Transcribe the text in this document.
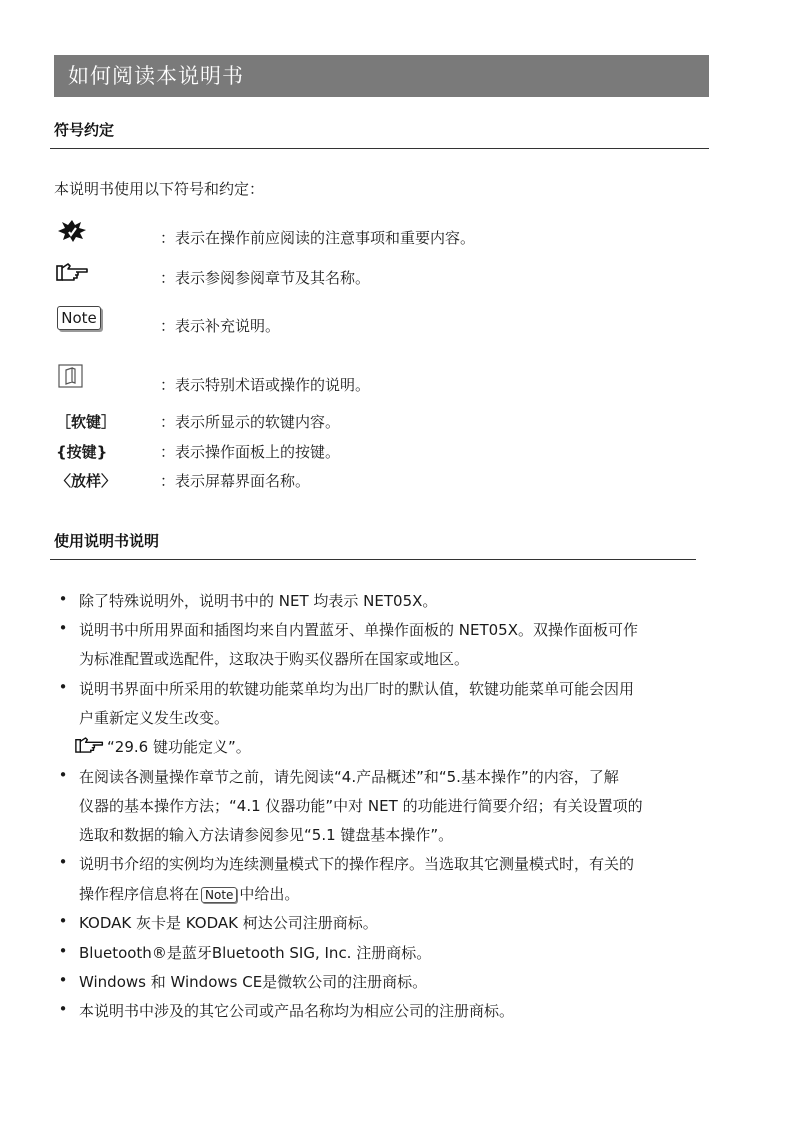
如何阅读本说明书
符号约定
本说明书使用以下符号和约定：
：表示在操作前应阅读的注意事项和重要内容。
：表示参阅参阅章节及其名称。
Note	：表示补充说明。
：表示特别术语或操作的说明。
［软键］	：表示所显示的软键内容。
{按键}	：表示操作面板上的按键。
〈放样〉	：表示屏幕界面名称。
使用说明书说明
• 除了特殊说明外，说明书中的 NET 均表示 NET05X。
• 说明书中所用界面和插图均来自内置蓝牙、单操作面板的 NET05X。双操作面板可作
为标准配置或选配件，这取决于购买仪器所在国家或地区。
• 说明书界面中所采用的软键功能菜单均为出厂时的默认值，软键功能菜单可能会因用
户重新定义发生改变。
“29.6 键功能定义”。
• 在阅读各测量操作章节之前，请先阅读“4.产品概述”和“5.基本操作”的内容，了解
仪器的基本操作方法；“4.1 仪器功能”中对 NET 的功能进行简要介绍；有关设置项的
选取和数据的输入方法请参阅参见“5.1 键盘基本操作”。
• 说明书介绍的实例均为连续测量模式下的操作程序。当选取其它测量模式时，有关的
操作程序信息将在 Note 中给出。
• KODAK 灰卡是 KODAK 柯达公司注册商标。
• Bluetooth®是蓝牙Bluetooth SIG, Inc. 注册商标。
• Windows 和 Windows CE是微软公司的注册商标。
• 本说明书中涉及的其它公司或产品名称均为相应公司的注册商标。
